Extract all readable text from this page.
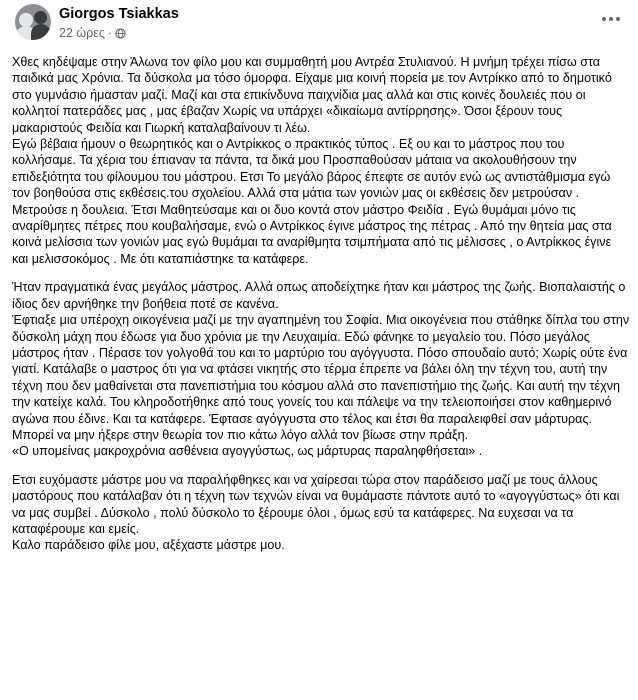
Giorgos Tsiakkas
22 ώρες ·

Χθες κηδέψαμε στην Άλωνα τον φίλο μου και συμμαθητή μου Αντρέα Στυλιανού. Η μνήμη τρέχει πίσω στα παιδικά μας Χρόνια. Τα δύσκολα μα τόσο όμορφα. Είχαμε μια κοινή πορεία με τον Αντρίκκο από το δημοτικό στο γυμνάσιο ήμασταν μαζί. Μαζί και στα επικίνδυνα παιχνίδια μας αλλά και στις κοινές δουλειές που οι κολλητοί πατεράδες μας , μας έβαζαν Χωρίς να υπάρχει «δικαίωμα αντίρρησης». Όσοι ξέρουν τους μακαριστούς Φειδία και Γιωρκή καταλαβαίνουν τι λέω.

Εγώ βέβαια ήμουν ο θεωρητικός και ο Αντρίκκος ο πρακτικός τύπος . Εξ ου και το μάστρος που του κολλήσαμε. Τα χέρια του έπιαναν τα πάντα, τα δικά μου Προσπαθούσαν μάταια να ακολουθήσουν την επιδεξιότητα του φίλουμου του μάστρου. Ετσι Το μεγάλο βάρος έπεφτε σε αυτόν ενώ ως αντιστάθμισμα εγώ τον βοηθούσα στις εκθέσεις.του σχολείου. Αλλά στα μάτια των γονιών μας οι εκθέσεις δεν μετρούσαν . Μετρούσε η δουλεια. Έτσι Μαθητεύσαμε και οι δυο κοντά στον μάστρο Φειδία . Εγώ θυμάμαι μόνο τις αναρίθμητες πέτρες που κουβαλήσαμε, ενώ ο Αντρίκκος έγινε μάστρος της πέτρας . Από την θητεία μας στα κοινά μελίσσια των γονιών μας εγώ θυμάμαι τα αναρίθμητα τσιμπήματα από τις μέλισσες , ο Αντρίκκος έγινε και μελισσοκόμος . Με ότι καταπιάστηκε τα κατάφερε.

Ήταν πραγματικά ένας μεγάλος μάστρος. Αλλά οπως αποδείχτηκε ήταν και μάστρος της ζωής. Βιοπαλαιστής ο ίδιος δεν αρνήθηκε την βοήθεια ποτέ σε κανένα.

Έφτιαξε μια υπέροχη οικογένεια μαζί με την αγαπημένη του Σοφία. Μια οικογένεια που στάθηκε δίπλα του στην δύσκολη μάχη που έδωσε για δυο χρόνια με την Λευχαιμία. Εδώ φάνηκε το μεγαλείο του. Πόσο μεγάλος μάστρος ήταν . Πέρασε τον γολγοθά του και το μαρτύριο του αγόγγυστα. Πόσο σπουδαίο αυτό; Χωρίς ούτε ένα γιατί. Κατάλαβε ο μαστρος ότι για να φτάσει νικητής στο τέρμα έπρεπε να βάλει όλη την τέχνη του, αυτή την τέχνη που δεν μαθαίνεται στα πανεπιστήμια του κόσμου αλλά στο πανεπιστήμιο της ζωής. Και αυτή την τέχνη την κατείχε καλά. Του κληροδοτήθηκε από τους γονείς του και πάλεψε να την τελειοποιήσει στον καθημερινό αγώνα που έδινε. Και τα κατάφερε. Έφτασε αγόγγυστα στο τέλος και έτσι θα παραλειφθεί σαν μάρτυρας. Μπορεί να μην ήξερε στην θεωρία τον πιο κάτω λόγο αλλά τον βίωσε στην πράξη.

«Ο υπομείνας μακροχρόνια ασθένεια αγογγύστως, ως μάρτυρας παραληφθήσεται» .

Ετσι ευχόμαστε μάστρε μου να παραλήφθηκες και να χαίρεσαι τώρα στον παράδεισο μαζί με τους άλλους μαστόρους που κατάλαβαν ότι η τέχνη των τεχνών είναι να θυμάμαστε πάντοτε αυτό το «αγογγύστως» ότι και να μας συμβεί . Δύσκολο , πολύ δύσκολο το ξέρουμε όλοι , όμως εσύ τα κατάφερες. Να ευχεσαι να τα καταφέρουμε και εμείς.

Καλο παράδεισο φίλε μου, αξέχαστε μάστρε μου.
